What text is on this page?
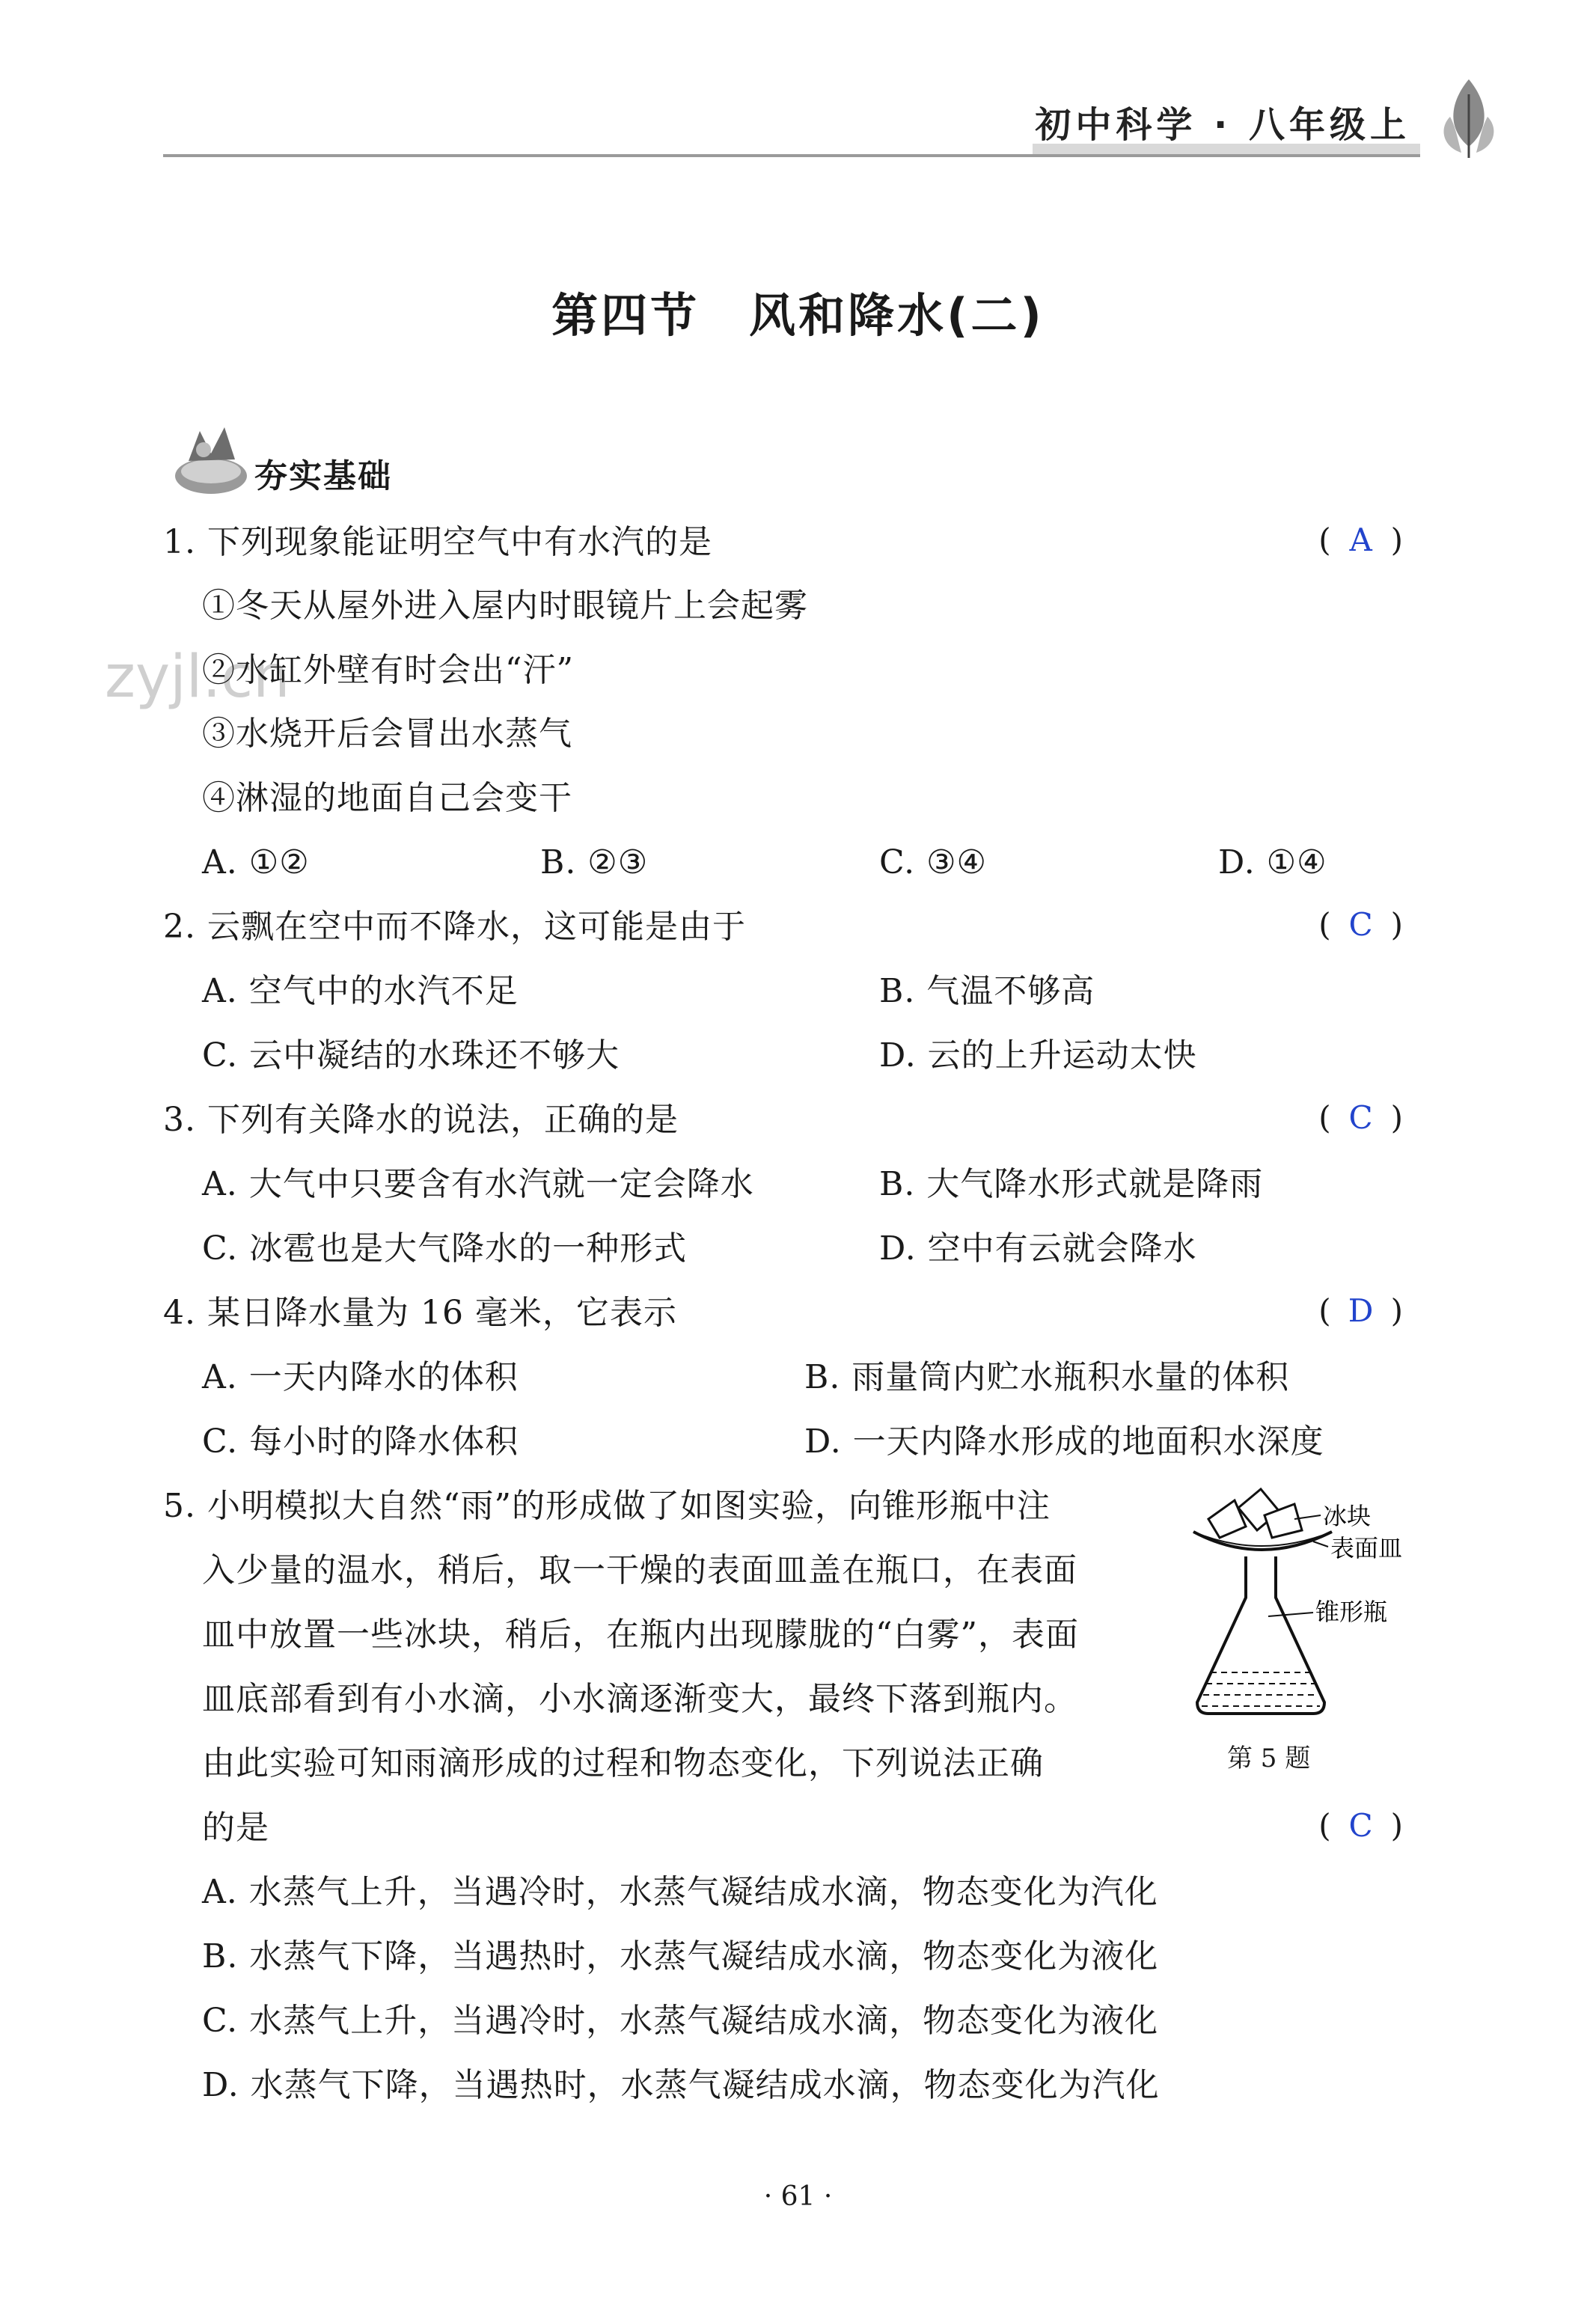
初中科学 · 八年级上
第四节　风和降水(二)
夯实基础
zyjl.cn
1. 下列现象能证明空气中有水汽的是	( A )
①冬天从屋外进入屋内时眼镜片上会起雾
②水缸外壁有时会出“汗”
③水烧开后会冒出水蒸气
④淋湿的地面自己会变干
A. ①②	B. ②③	C. ③④	D. ①④
2. 云飘在空中而不降水，这可能是由于	( C )
A. 空气中的水汽不足	B. 气温不够高
C. 云中凝结的水珠还不够大	D. 云的上升运动太快
3. 下列有关降水的说法，正确的是	( C )
A. 大气中只要含有水汽就一定会降水	B. 大气降水形式就是降雨
C. 冰雹也是大气降水的一种形式	D. 空中有云就会降水
4. 某日降水量为 16 毫米，它表示	( D )
A. 一天内降水的体积	B. 雨量筒内贮水瓶积水量的体积
C. 每小时的降水体积	D. 一天内降水形成的地面积水深度
5. 小明模拟大自然“雨”的形成做了如图实验，向锥形瓶中注
入少量的温水，稍后，取一干燥的表面皿盖在瓶口，在表面
皿中放置一些冰块，稍后，在瓶内出现朦胧的“白雾”，表面
皿底部看到有小水滴，小水滴逐渐变大，最终下落到瓶内。
由此实验可知雨滴形成的过程和物态变化，下列说法正确
的是	( C )
冰块
表面皿
锥形瓶
第 5 题
A. 水蒸气上升，当遇冷时，水蒸气凝结成水滴，物态变化为汽化
B. 水蒸气下降，当遇热时，水蒸气凝结成水滴，物态变化为液化
C. 水蒸气上升，当遇冷时，水蒸气凝结成水滴，物态变化为液化
D. 水蒸气下降，当遇热时，水蒸气凝结成水滴，物态变化为汽化
· 61 ·
